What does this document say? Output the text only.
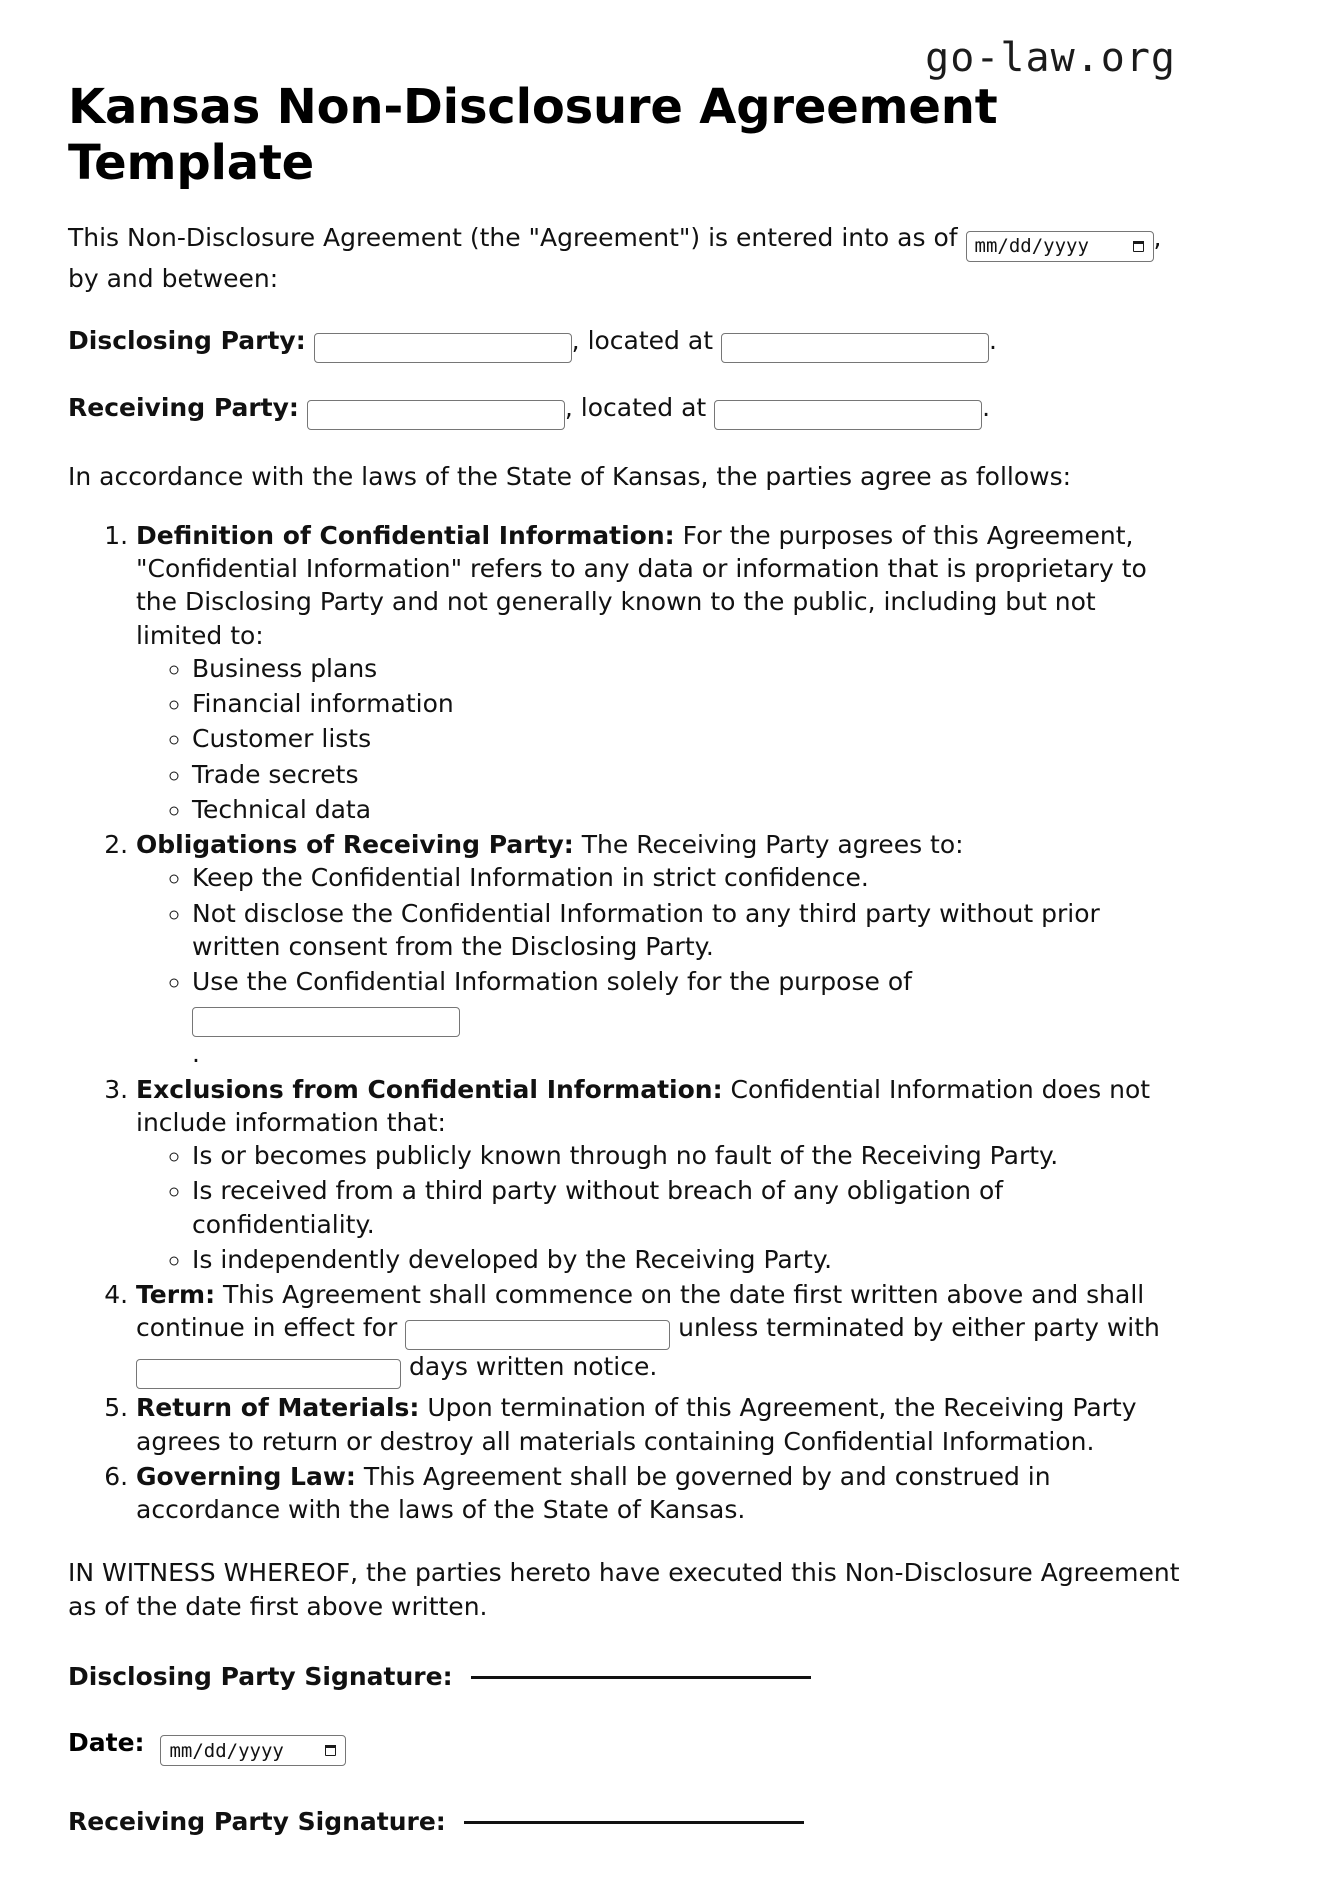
go-law.org
Kansas Non-Disclosure Agreement Template

This Non-Disclosure Agreement (the "Agreement") is entered into as of mm/dd/yyyy	, by and between:

Disclosing Party:	, located at	.

Receiving Party:	, located at	.

In accordance with the laws of the State of Kansas, the parties agree as follows:

1. Definition of Confidential Information: For the purposes of this Agreement, "Confidential Information" refers to any data or information that is proprietary to the Disclosing Party and not generally known to the public, including but not limited to:
◦ Business plans
◦ Financial information
◦ Customer lists
◦ Trade secrets
◦ Technical data
2. Obligations of Receiving Party: The Receiving Party agrees to:
◦ Keep the Confidential Information in strict confidence.
◦ Not disclose the Confidential Information to any third party without prior written consent from the Disclosing Party.
◦ Use the Confidential Information solely for the purpose of
.
3. Exclusions from Confidential Information: Confidential Information does not include information that:
◦ Is or becomes publicly known through no fault of the Receiving Party.
◦ Is received from a third party without breach of any obligation of confidentiality.
◦ Is independently developed by the Receiving Party.
4. Term: This Agreement shall commence on the date first written above and shall continue in effect for	unless terminated by either party with  days written notice.
5. Return of Materials: Upon termination of this Agreement, the Receiving Party agrees to return or destroy all materials containing Confidential Information.
6. Governing Law: This Agreement shall be governed by and construed in accordance with the laws of the State of Kansas.

IN WITNESS WHEREOF, the parties hereto have executed this Non-Disclosure Agreement as of the date first above written.

Disclosing Party Signature:

Date: mm/dd/yyyy

Receiving Party Signature:
